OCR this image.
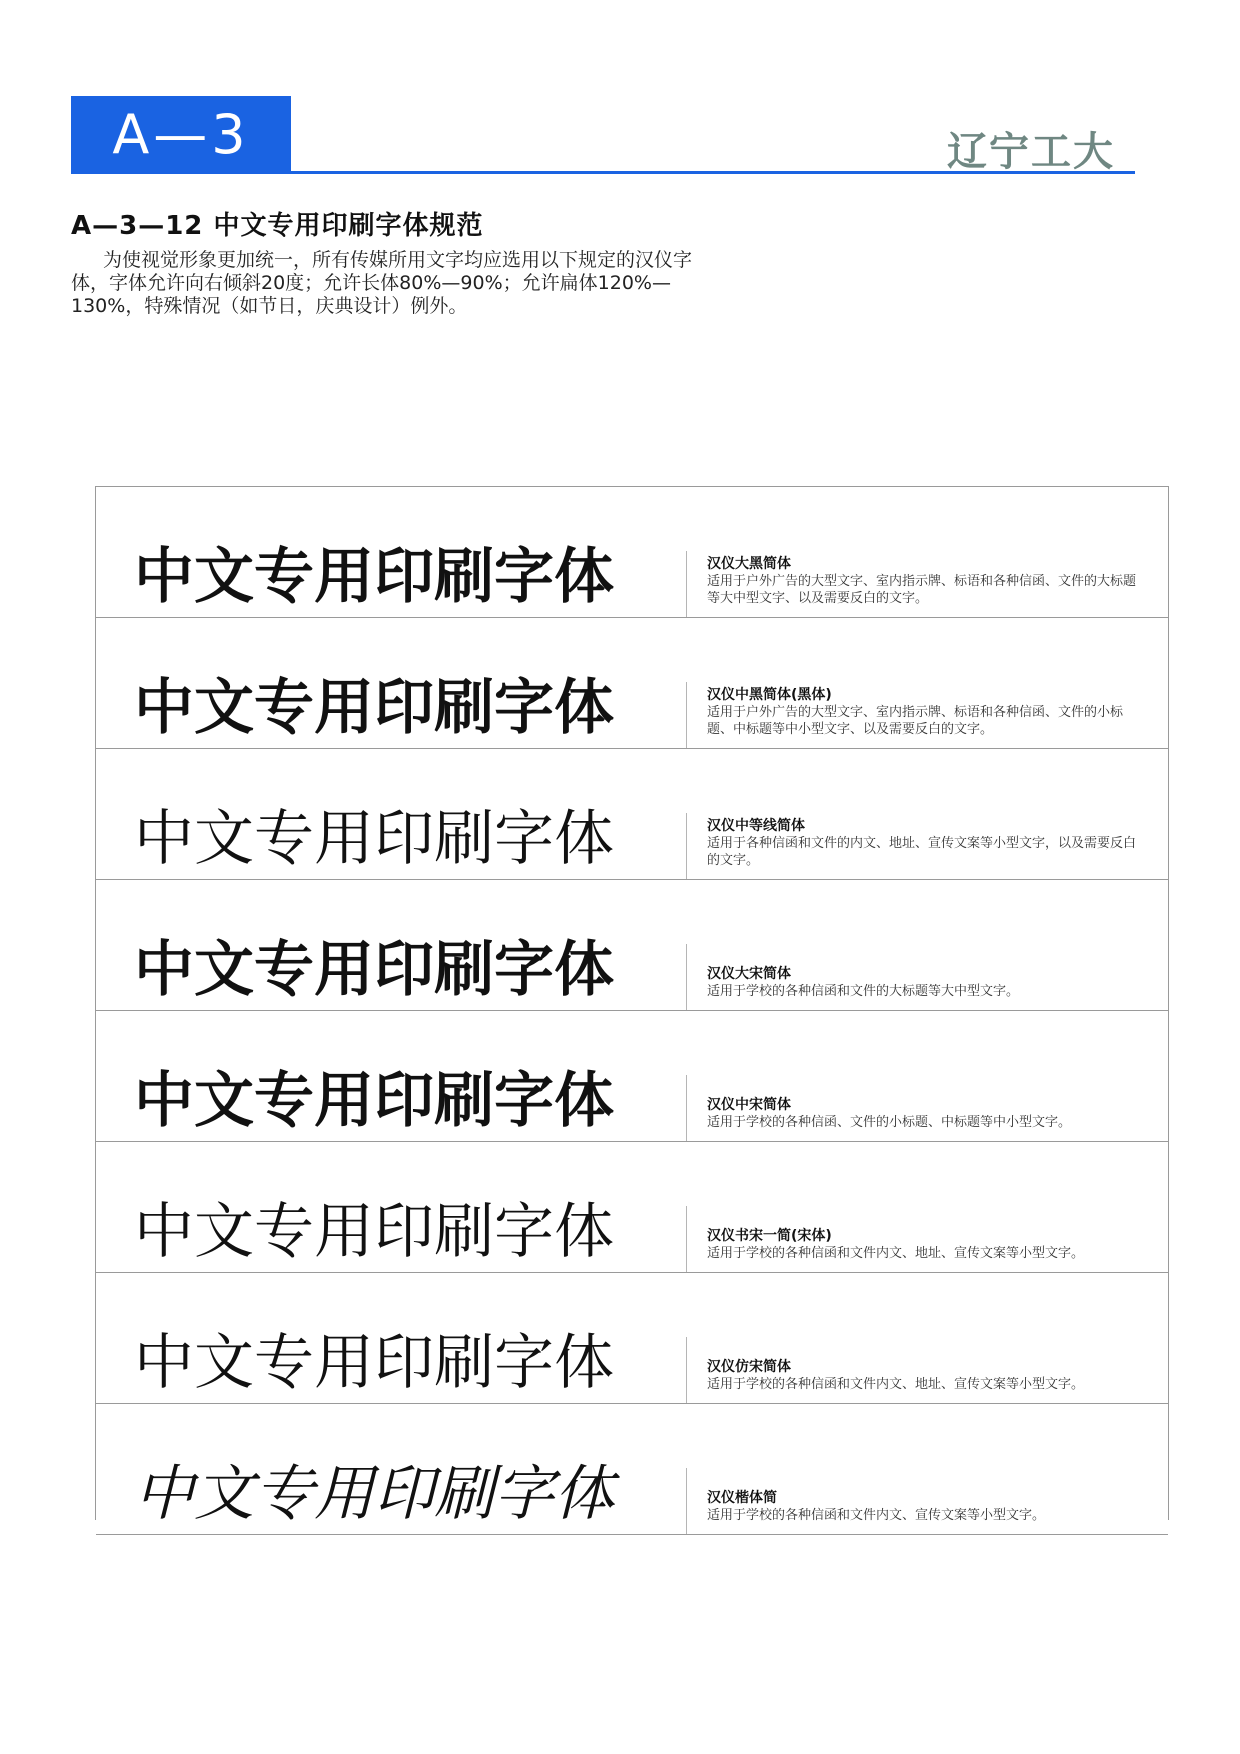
A—3	辽宁工大
A—3—12 中文专用印刷字体规范

为使视觉形象更加统一，所有传媒所用文字均应选用以下规定的汉仪字体，字体允许向右倾斜20度；允许长体80%—90%；允许扁体120%—130%，特殊情况（如节日，庆典设计）例外。

中文专用印刷字体	汉仪大黑简体
适用于户外广告的大型文字、室内指示牌、标语和各种信函、文件的大标题等大中型文字、以及需要反白的文字。
中文专用印刷字体	汉仪中黑简体(黑体)
适用于户外广告的大型文字、室内指示牌、标语和各种信函、文件的小标题、中标题等中小型文字、以及需要反白的文字。
中文专用印刷字体	汉仪中等线简体
适用于各种信函和文件的内文、地址、宣传文案等小型文字，以及需要反白的文字。
中文专用印刷字体	汉仪大宋简体
适用于学校的各种信函和文件的大标题等大中型文字。
中文专用印刷字体	汉仪中宋简体
适用于学校的各种信函、文件的小标题、中标题等中小型文字。
中文专用印刷字体	汉仪书宋一简(宋体)
适用于学校的各种信函和文件内文、地址、宣传文案等小型文字。
中文专用印刷字体	汉仪仿宋简体
适用于学校的各种信函和文件内文、地址、宣传文案等小型文字。
中文专用印刷字体	汉仪楷体简
适用于学校的各种信函和文件内文、宣传文案等小型文字。
